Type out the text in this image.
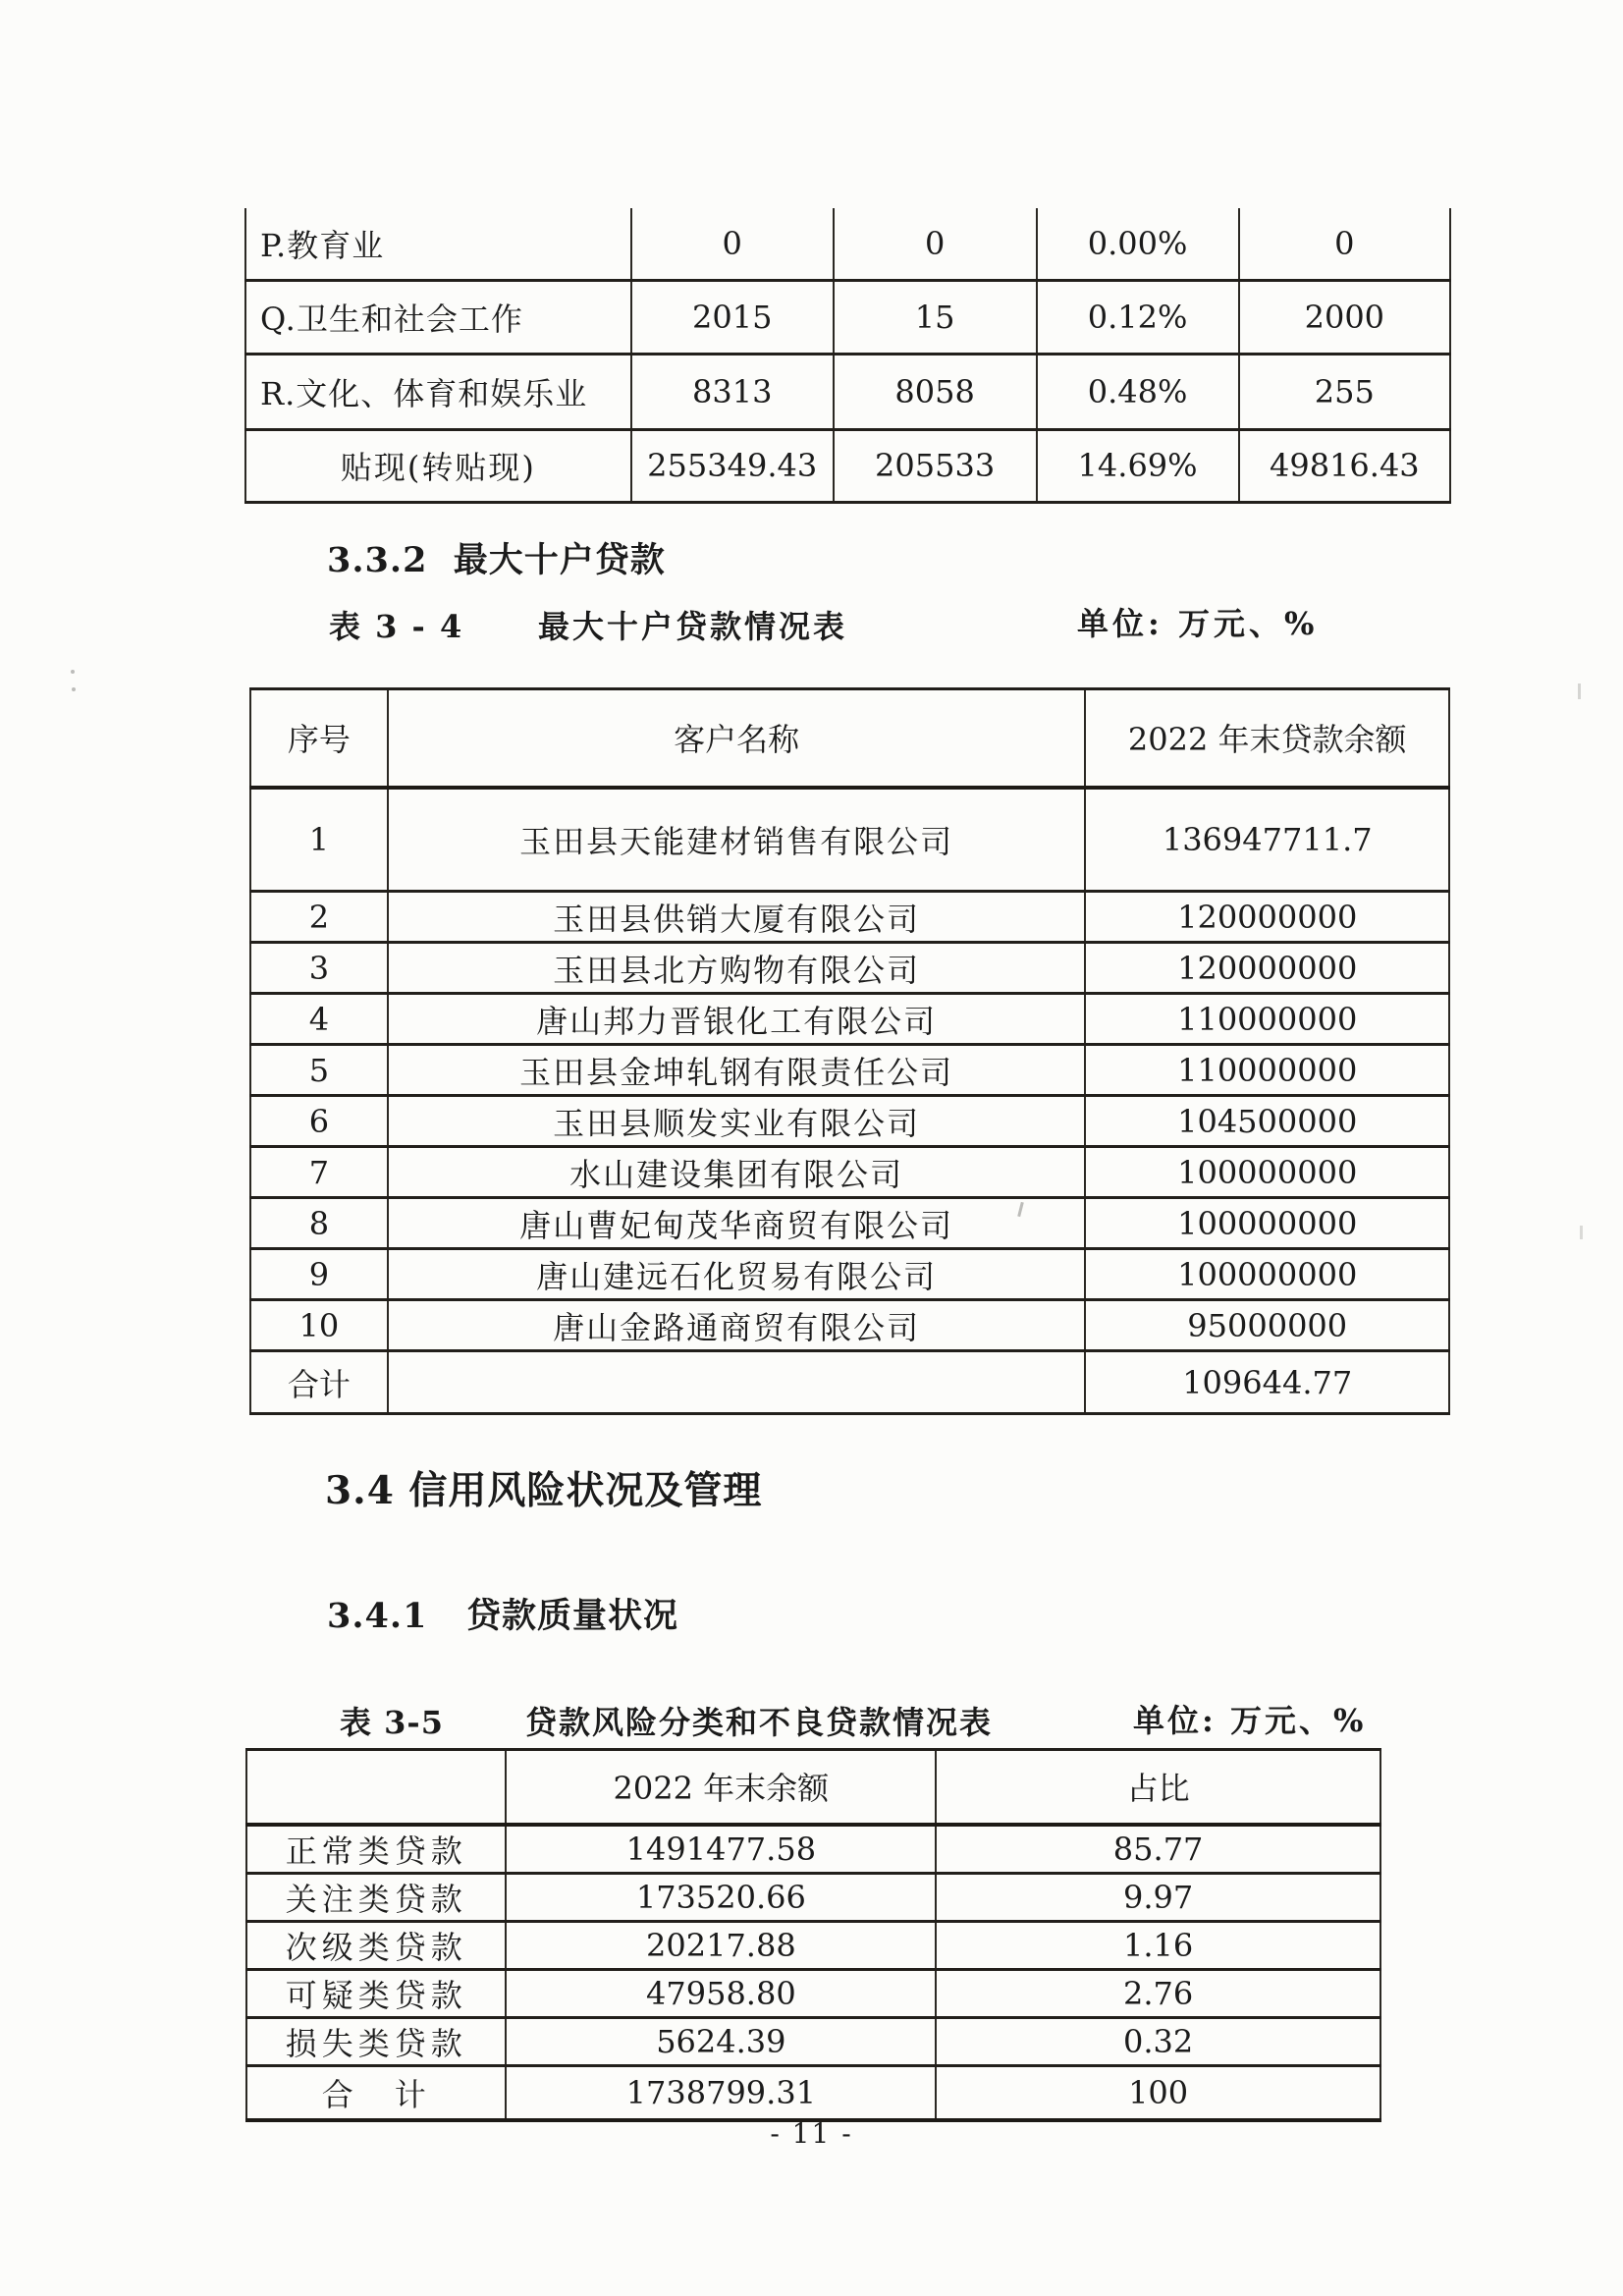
P.教育业	0	0	0.00%	0
Q.卫生和社会工作	2015	15	0.12%	2000
R.文化、体育和娱乐业	8313	8058	0.48%	255
贴现(转贴现)	255349.43	205533	14.69%	49816.43
3.3.2  最大十户贷款
表 3 - 4 最大十户贷款情况表	单位: 万元、%
序号	客户名称	2022 年末贷款余额
1	玉田县天能建材销售有限公司	136947711.7
2	玉田县供销大厦有限公司	120000000
3	玉田县北方购物有限公司	120000000
4	唐山邦力晋银化工有限公司	110000000
5	玉田县金坤轧钢有限责任公司	110000000
6	玉田县顺发实业有限公司	104500000
7	水山建设集团有限公司	100000000
8	唐山曹妃甸茂华商贸有限公司	100000000
9	唐山建远石化贸易有限公司	100000000
10	唐山金路通商贸有限公司	95000000
合计		109644.77
3.4 信用风险状况及管理
3.4.1   贷款质量状况
表 3-5	贷款风险分类和不良贷款情况表	单位: 万元、%
	2022 年末余额	占比
正常类贷款	1491477.58	85.77
关注类贷款	173520.66	9.97
次级类贷款	20217.88	1.16
可疑类贷款	47958.80	2.76
损失类贷款	5624.39	0.32
合　计	1738799.31	100
- 11 -
